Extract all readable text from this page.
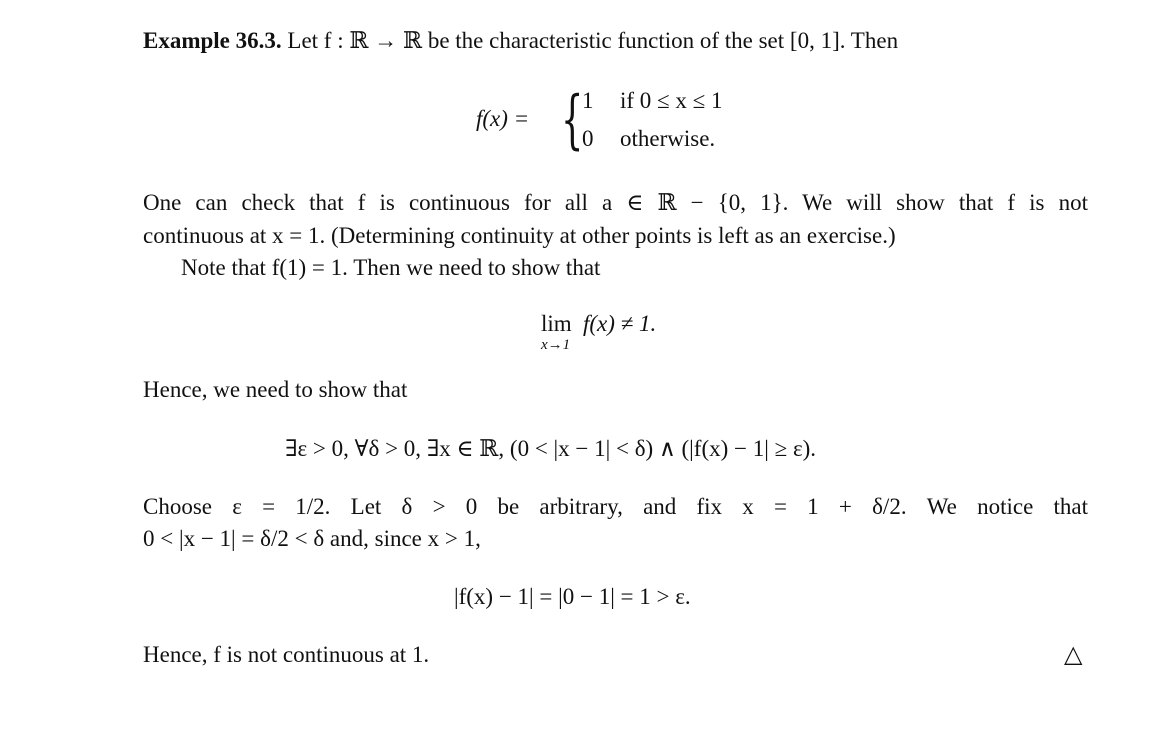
Example 36.3. Let f : ℝ → ℝ be the characteristic function of the set [0, 1]. Then
f(x) = {
1 if 0 ≤ x ≤ 1
0 otherwise.
One can check that f is continuous for all a ∈ ℝ − {0, 1}. We will show that f is not
continuous at x = 1. (Determining continuity at other points is left as an exercise.)
Note that f(1) = 1. Then we need to show that
lim
x→1
f(x) ≠ 1.
Hence, we need to show that
∃ε > 0, ∀δ > 0, ∃x ∈ ℝ, (0 < |x − 1| < δ) ∧ (|f(x) − 1| ≥ ε).
Choose ε = 1/2. Let δ > 0 be arbitrary, and fix x = 1 + δ/2. We notice that
0 < |x − 1| = δ/2 < δ and, since x > 1,
|f(x) − 1| = |0 − 1| = 1 > ε.
Hence, f is not continuous at 1.	△
